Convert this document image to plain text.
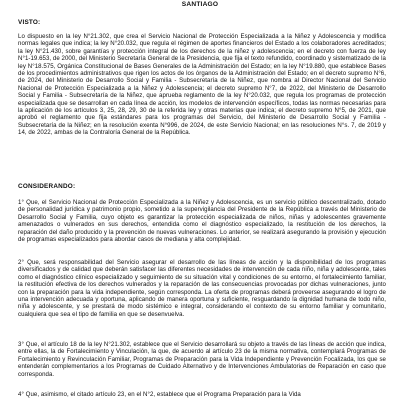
SANTIAGO
VISTO:

Lo dispuesto en la ley N°21.302, que crea el Servicio Nacional de Protección Especializada a la Niñez y Adolescencia y modifica normas legales que indica; la ley N°20.032, que regula el régimen de aportes financieros del Estado a los colaboradores acreditados; la ley N°21.430, sobre garantías y protección integral de los derechos de la niñez y adolescencia; en el decreto con fuerza de ley N°1-19.653, de 2000, del Ministerio Secretaría General de la Presidencia, que fija el texto refundido, coordinado y sistematizado de la ley N°18.575, Orgánica Constitucional de Bases Generales de la Administración del Estado; en la ley N°19.880, que establece Bases de los procedimientos administrativos que rigen los actos de los órganos de la Administración del Estado; en el decreto supremo N°6, de 2024, del Ministerio de Desarrollo Social y Familia - Subsecretaría de la Niñez, que nombra al Director Nacional del Servicio Nacional de Protección Especializada a la Niñez y Adolescencia; el decreto supremo N°7, de 2022, del Ministerio de Desarrollo Social y Familia - Subsecretaría de la Niñez, que aprueba reglamento de la ley N°20.032, que regula los programas de protección especializada que se desarrollan en cada línea de acción, los modelos de intervención específicos, todas las normas necesarias para la aplicación de los artículos 3, 25, 28, 29, 30 de la referida ley y otras materias que indica; el decreto supremo N°5, de 2021, que aprobó el reglamento que fija estándares para los programas del Servicio, del Ministerio de Desarrollo Social y Familia - Subsecretaría de la Niñez; en la resolución exenta N°996, de 2024, de este Servicio Nacional; en las resoluciones N°s. 7, de 2019 y 14, de 2022, ambas de la Contraloría General de la República.

CONSIDERANDO:

1° Que, el Servicio Nacional de Protección Especializada a la Niñez y Adolescencia, es un servicio público descentralizado, dotado de personalidad jurídica y patrimonio propio, sometido a la supervigilancia del Presidente de la República a través del Ministerio de Desarrollo Social y Familia, cuyo objeto es garantizar la protección especializada de niños, niñas y adolescentes gravemente amenazados o vulnerados en sus derechos, entendida como el diagnóstico especializado, la restitución de los derechos, la reparación del daño producido y la prevención de nuevas vulneraciones. Lo anterior, se realizará asegurando la provisión y ejecución de programas especializados para abordar casos de mediana y alta complejidad.

2° Que, será responsabilidad del Servicio asegurar el desarrollo de las líneas de acción y la disponibilidad de los programas diversificados y de calidad que deberán satisfacer las diferentes necesidades de intervención de cada niño, niña y adolescente, tales como el diagnóstico clínico especializado y seguimiento de su situación vital y condiciones de su entorno, el fortalecimiento familiar, la restitución efectiva de los derechos vulnerados y la reparación de las consecuencias provocadas por dichas vulneraciones, junto con la preparación para la vida independiente, según corresponda. La oferta de programas deberá proveerse asegurando el logro de una intervención adecuada y oportuna, aplicando de manera oportuna y suficiente, resguardando la dignidad humana de todo niño, niña y adolescente, y se prestará de modo sistémico e integral, considerando el contexto de su entorno familiar y comunitario, cualquiera que sea el tipo de familia en que se desenvuelva.

3° Que, el artículo 18 de la ley N°21.302, establece que el Servicio desarrollará su objeto a través de las líneas de acción que indica, entre ellas, la de Fortalecimiento y Vinculación, la que, de acuerdo al artículo 23 de la misma normativa, contemplará Programas de Fortalecimiento y Revinculación Familiar, Programas de Preparación para la Vida Independiente y Prevención Focalizada, los que se entenderán complementarios a los Programas de Cuidado Alternativo y de Intervenciones Ambulatorias de Reparación en caso que corresponda.

4° Que, asimismo, el citado artículo 23, en el N°2, establece que el Programa Preparación para la Vida
